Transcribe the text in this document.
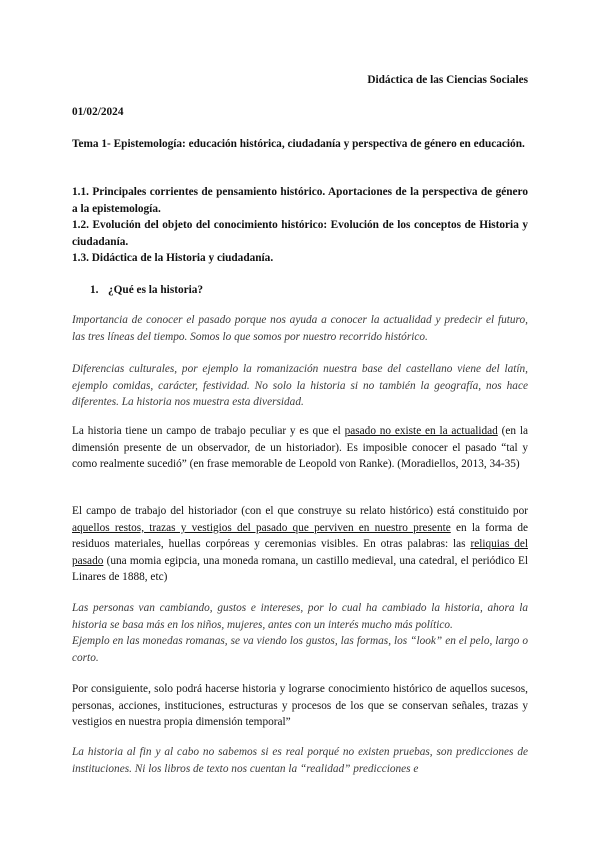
Didáctica de las Ciencias Sociales
01/02/2024
Tema 1- Epistemología: educación histórica, ciudadanía y perspectiva de género en educación.
1.1. Principales corrientes de pensamiento histórico. Aportaciones de la perspectiva de género a la epistemología.
1.2. Evolución del objeto del conocimiento histórico: Evolución de los conceptos de Historia y ciudadanía.
1.3. Didáctica de la Historia y ciudadanía.
1. ¿Qué es la historia?
Importancia de conocer el pasado porque nos ayuda a conocer la actualidad y predecir el futuro, las tres líneas del tiempo. Somos lo que somos por nuestro recorrido histórico.
Diferencias culturales, por ejemplo la romanización nuestra base del castellano viene del latín, ejemplo comidas, carácter, festividad. No solo la historia si no también la geografía, nos hace diferentes. La historia nos muestra esta diversidad.
La historia tiene un campo de trabajo peculiar y es que el pasado no existe en la actualidad (en la dimensión presente de un observador, de un historiador). Es imposible conocer el pasado “tal y como realmente sucedió” (en frase memorable de Leopold von Ranke). (Moradiellos, 2013, 34-35)
El campo de trabajo del historiador (con el que construye su relato histórico) está constituido por aquellos restos, trazas y vestigios del pasado que perviven en nuestro presente en la forma de residuos materiales, huellas corpóreas y ceremonias visibles. En otras palabras: las reliquias del pasado (una momia egipcia, una moneda romana, un castillo medieval, una catedral, el periódico El Linares de 1888, etc)
Las personas van cambiando, gustos e intereses, por lo cual ha cambiado la historia, ahora la historia se basa más en los niños, mujeres, antes con un interés mucho más político.
Ejemplo en las monedas romanas, se va viendo los gustos, las formas, los “look” en el pelo, largo o corto.
Por consiguiente, solo podrá hacerse historia y lograrse conocimiento histórico de aquellos sucesos, personas, acciones, instituciones, estructuras y procesos de los que se conservan señales, trazas y vestigios en nuestra propia dimensión temporal”
La historia al fin y al cabo no sabemos si es real porqué no existen pruebas, son predicciones de instituciones. Ni los libros de texto nos cuentan la “realidad” predicciones e
